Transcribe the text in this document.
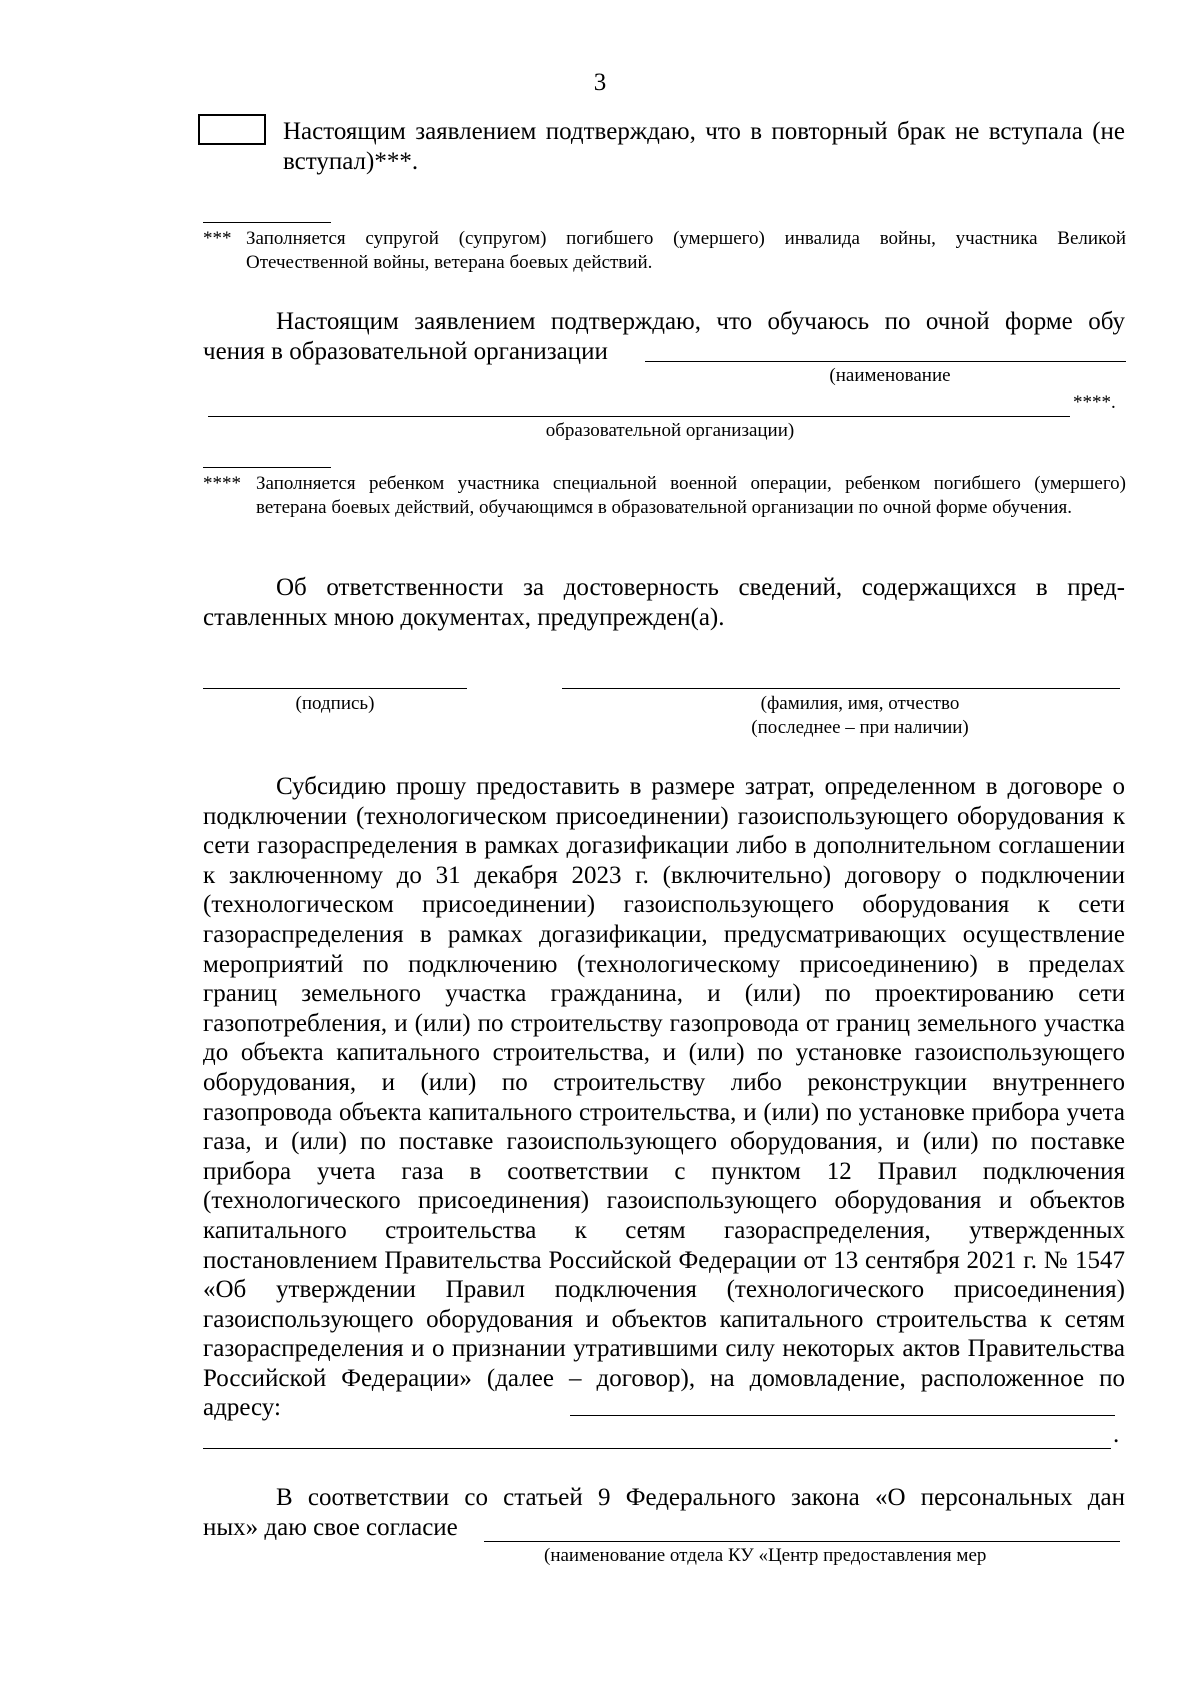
3
Настоящим заявлением подтверждаю, что в повторный брак не вступала (не вступал)***.
*** Заполняется супругой (супругом) погибшего (умершего) инвалида войны, участника Великой Отечественной войны, ветерана боевых действий.
Настоящим заявлением подтверждаю, что обучаюсь по очной форме обу
чения в образовательной организации
(наименование
****.
образовательной организации)
**** Заполняется ребенком участника специальной военной операции, ребенком погибшего (умершего) ветерана боевых действий, обучающимся в образовательной организации по очной форме обучения.
Об ответственности за достоверность сведений, содержащихся в представленных мною документах, предупрежден(а).
(подпись)	(фамилия, имя, отчество
(последнее – при наличии)
Субсидию прошу предоставить в размере затрат, определенном в договоре о подключении (технологическом присоединении) газоиспользующего оборудования к сети газораспределения в рамках догазификации либо в дополнительном соглашении к заключенному до 31 декабря 2023 г. (включительно) договору о подключении (технологическом присоединении) газоиспользующего оборудования к сети газораспределения в рамках догазификации, предусматривающих осуществление мероприятий по подключению (технологическому присоединению) в пределах границ земельного участка гражданина, и (или) по проектированию сети газопотребления, и (или) по строительству газопровода от границ земельного участка до объекта капитального строительства, и (или) по установке газоиспользующего оборудования, и (или) по строительству либо реконструкции внутреннего газопровода объекта капитального строительства, и (или) по установке прибора учета газа, и (или) по поставке газоиспользующего оборудования, и (или) по поставке прибора учета газа в соответствии с пунктом 12 Правил подключения (технологического присоединения) газоиспользующего оборудования и объектов капитального строительства к сетям газораспределения, утвержденных постановлением Правительства Российской Федерации от 13 сентября 2021 г. № 1547 «Об утверждении Правил подключения (технологического присоединения) газоиспользующего оборудования и объектов капитального строительства к сетям газораспределения и о признании утратившими силу некоторых актов Правительства Российской Федерации» (далее – договор), на домовладение, расположенное по адресу:
.
В соответствии со статьей 9 Федерального закона «О персональных дан
ных» даю свое согласие
(наименование отдела КУ «Центр предоставления мер
